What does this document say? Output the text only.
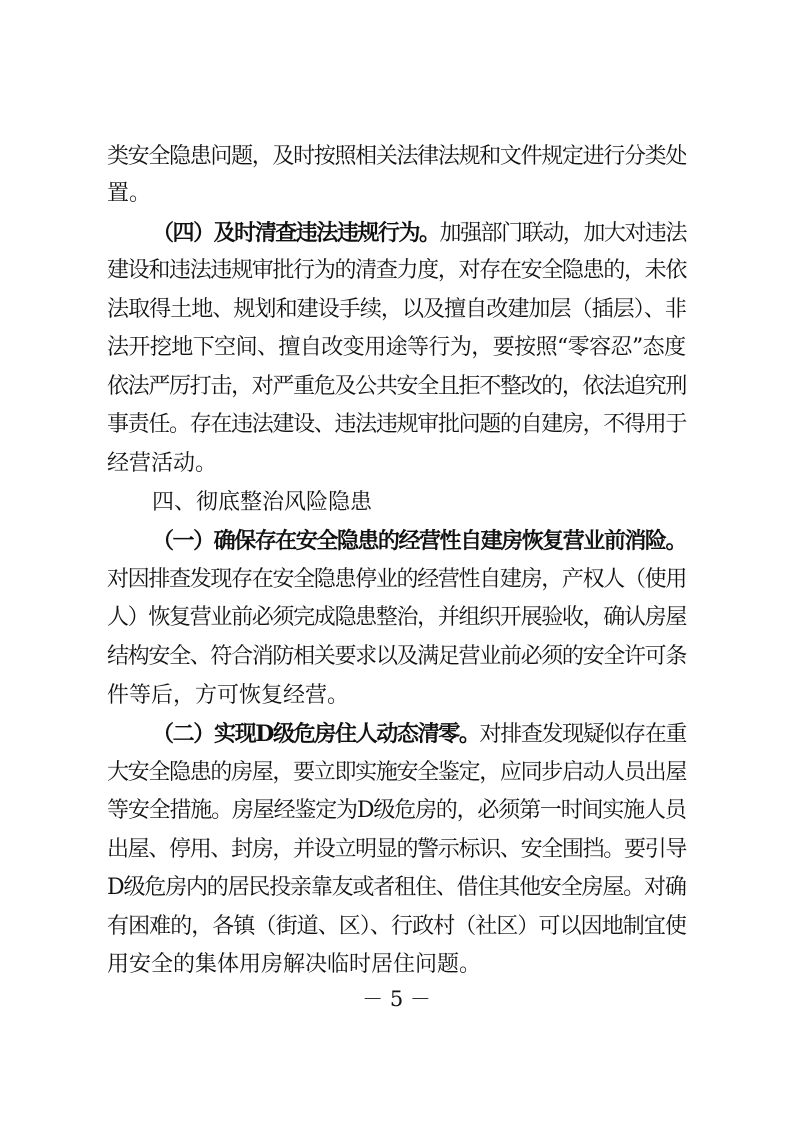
类安全隐患问题，及时按照相关法律法规和文件规定进行分类处
置。
（四）及时清查违法违规行为。加强部门联动，加大对违法
建设和违法违规审批行为的清查力度，对存在安全隐患的，未依
法取得土地、规划和建设手续，以及擅自改建加层（插层）、非
法开挖地下空间、擅自改变用途等行为，要按照“零容忍”态度
依法严厉打击，对严重危及公共安全且拒不整改的，依法追究刑
事责任。存在违法建设、违法违规审批问题的自建房，不得用于
经营活动。
四、彻底整治风险隐患
（一）确保存在安全隐患的经营性自建房恢复营业前消险。
对因排查发现存在安全隐患停业的经营性自建房，产权人（使用
人）恢复营业前必须完成隐患整治，并组织开展验收，确认房屋
结构安全、符合消防相关要求以及满足营业前必须的安全许可条
件等后，方可恢复经营。
（二）实现D级危房住人动态清零。对排查发现疑似存在重
大安全隐患的房屋，要立即实施安全鉴定，应同步启动人员出屋
等安全措施。房屋经鉴定为D级危房的，必须第一时间实施人员
出屋、停用、封房，并设立明显的警示标识、安全围挡。要引导
D级危房内的居民投亲靠友或者租住、借住其他安全房屋。对确
有困难的，各镇（街道、区）、行政村（社区）可以因地制宜使
用安全的集体用房解决临时居住问题。
－ 5 －
